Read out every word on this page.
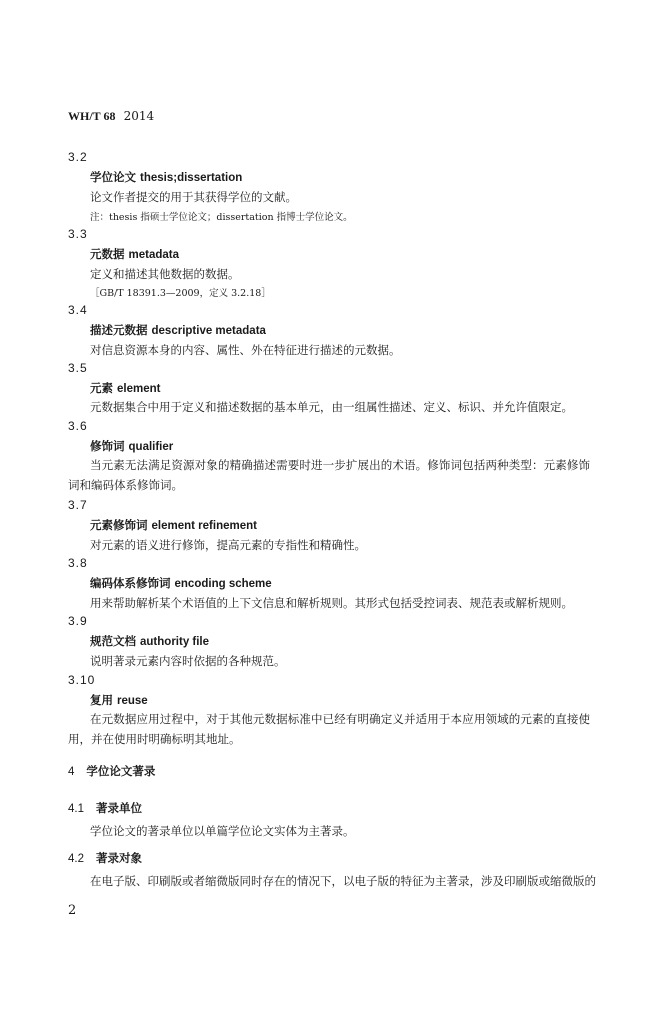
WH/T 68 2014
3.2
学位论文 thesis;dissertation
论文作者提交的用于其获得学位的文献。
注：thesis 指硕士学位论文；dissertation 指博士学位论文。
3.3
元数据 metadata
定义和描述其他数据的数据。
［GB/T 18391.3—2009，定义 3.2.18］
3.4
描述元数据 descriptive metadata
对信息资源本身的内容、属性、外在特征进行描述的元数据。
3.5
元素 element
元数据集合中用于定义和描述数据的基本单元，由一组属性描述、定义、标识、并允许值限定。
3.6
修饰词 qualifier
当元素无法满足资源对象的精确描述需要时进一步扩展出的术语。修饰词包括两种类型：元素修饰词和编码体系修饰词。
3.7
元素修饰词 element refinement
对元素的语义进行修饰，提高元素的专指性和精确性。
3.8
编码体系修饰词 encoding scheme
用来帮助解析某个术语值的上下文信息和解析规则。其形式包括受控词表、规范表或解析规则。
3.9
规范文档 authority file
说明著录元素内容时依据的各种规范。
3.10
复用 reuse
在元数据应用过程中，对于其他元数据标准中已经有明确定义并适用于本应用领域的元素的直接使用，并在使用时明确标明其地址。
4 学位论文著录
4.1 著录单位
学位论文的著录单位以单篇学位论文实体为主著录。
4.2 著录对象
在电子版、印刷版或者缩微版同时存在的情况下，以电子版的特征为主著录，涉及印刷版或缩微版的
2
